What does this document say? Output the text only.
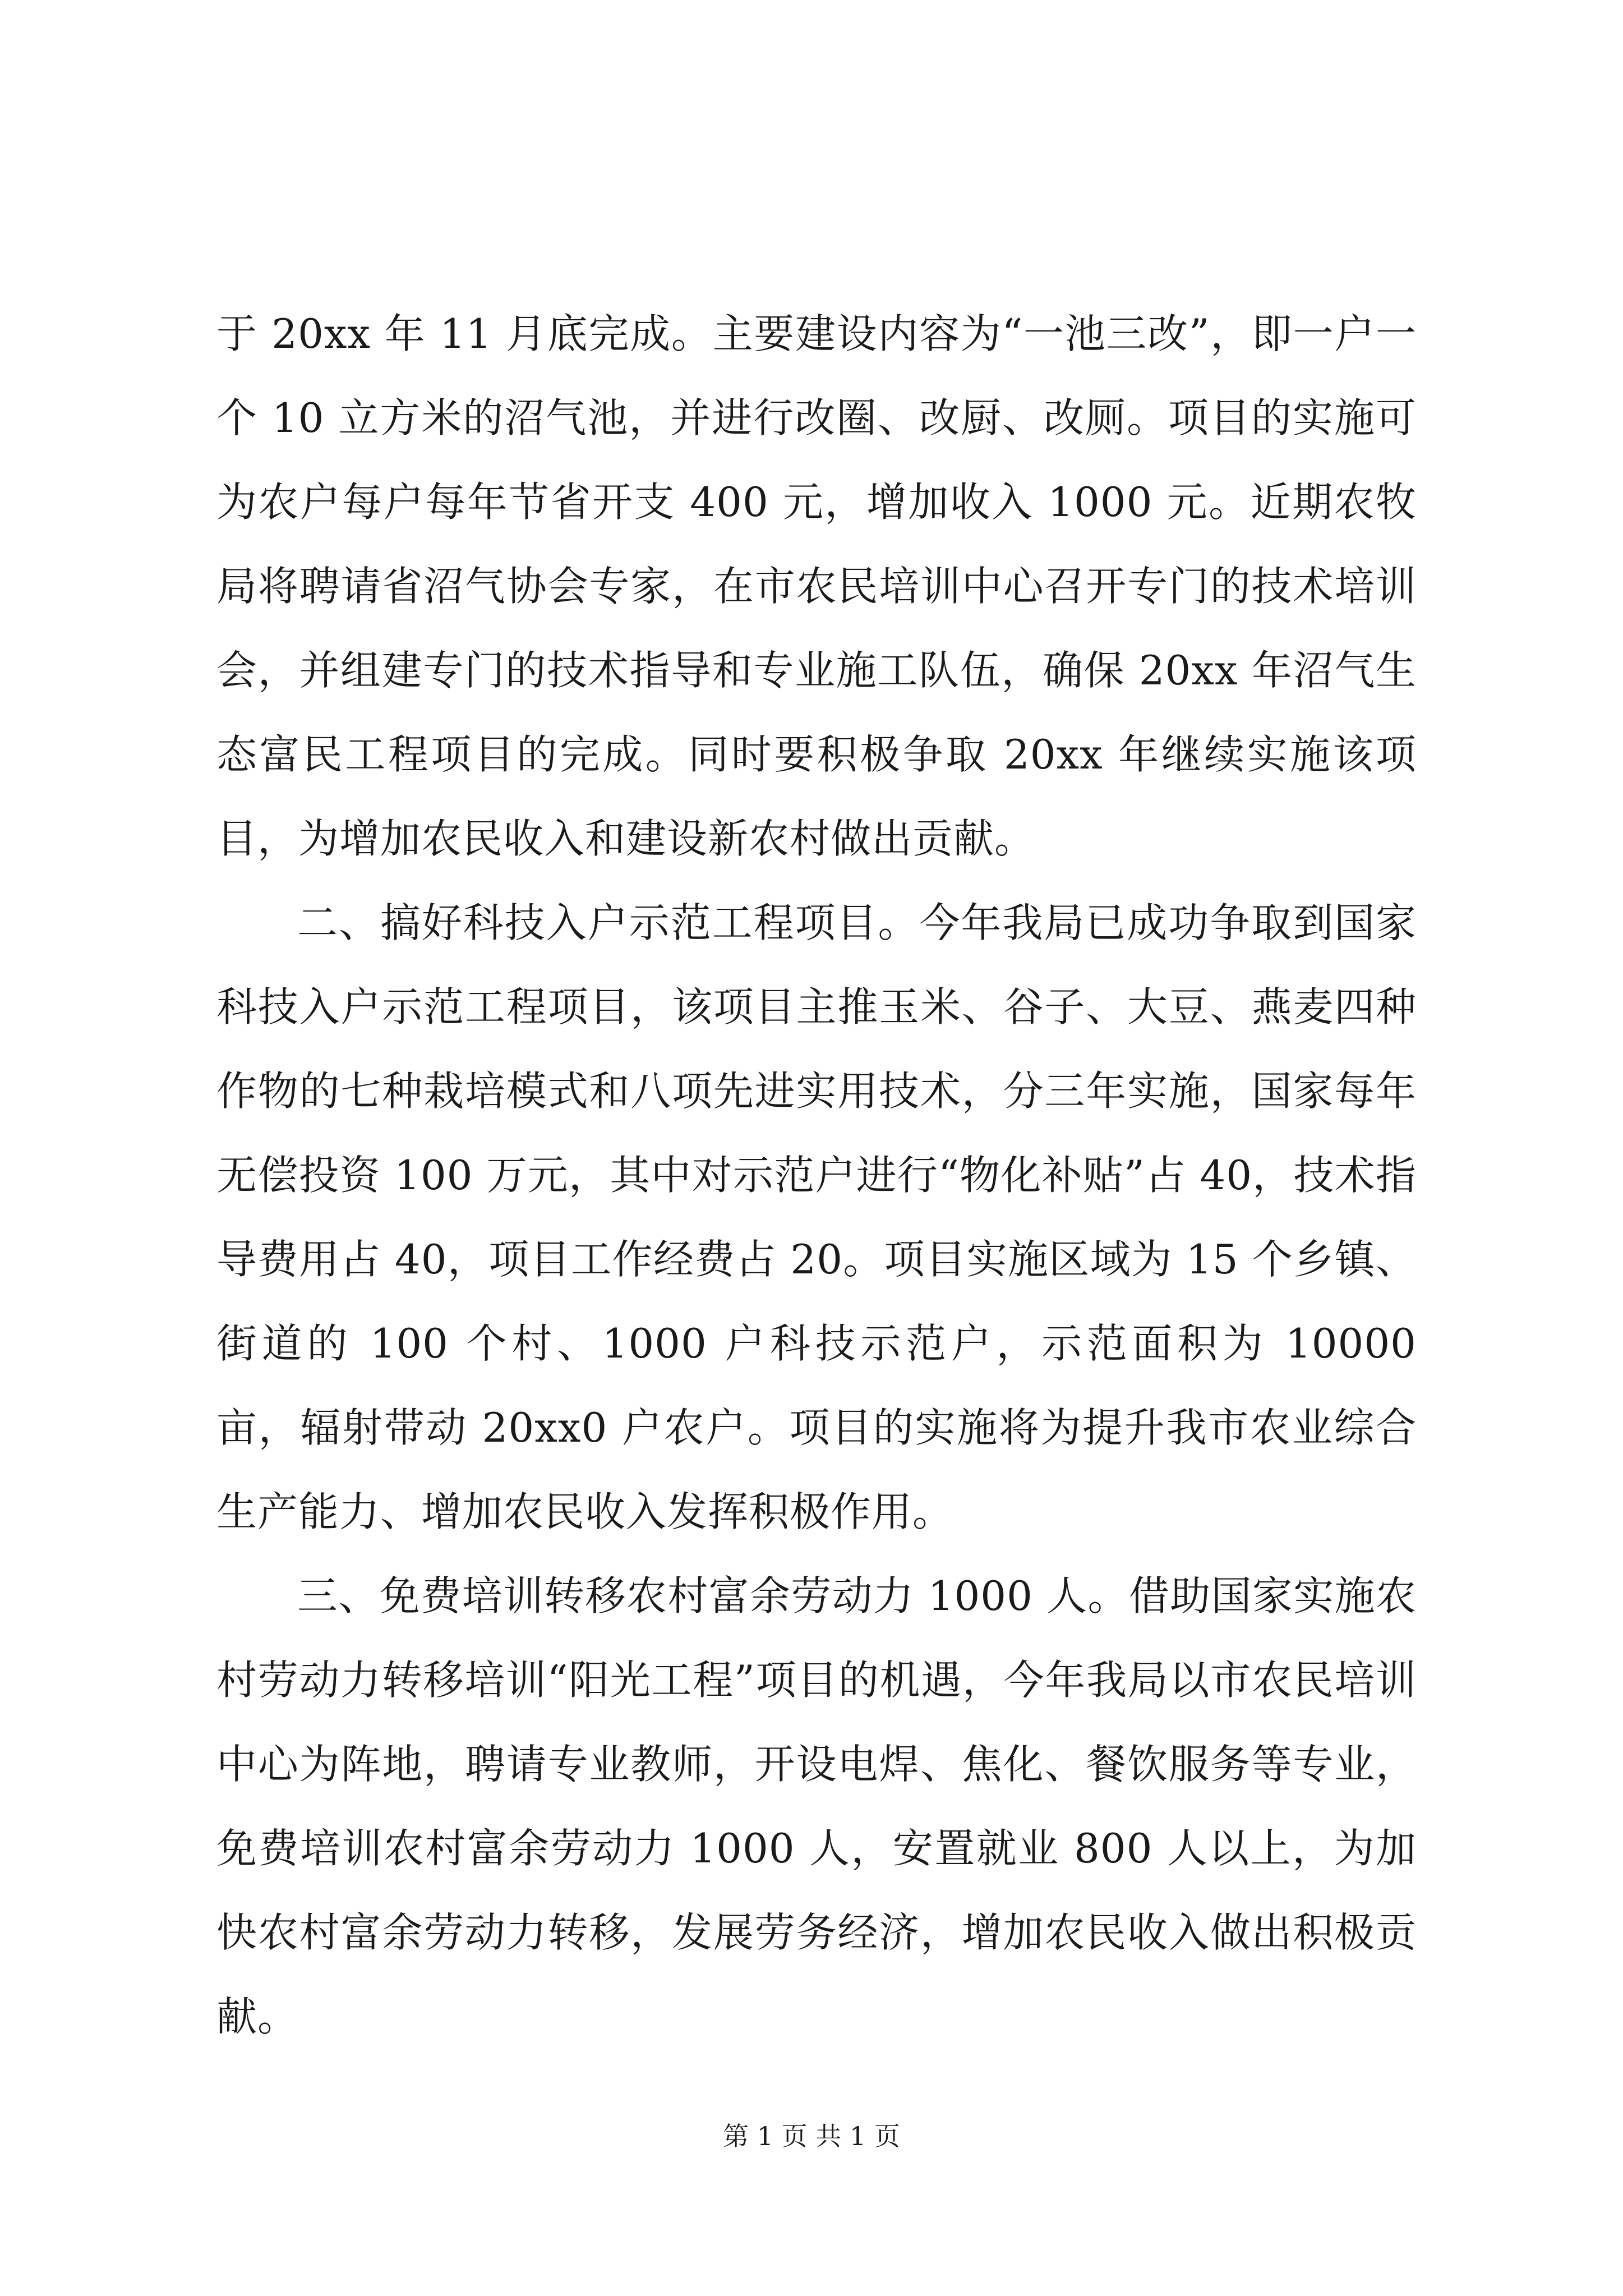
于 20xx 年 11 月底完成。主要建设内容为“一池三改”，即一户一个 10 立方米的沼气池，并进行改圈、改厨、改厕。项目的实施可为农户每户每年节省开支 400 元，增加收入 1000 元。近期农牧局将聘请省沼气协会专家，在市农民培训中心召开专门的技术培训会，并组建专门的技术指导和专业施工队伍，确保 20xx 年沼气生态富民工程项目的完成。同时要积极争取 20xx 年继续实施该项目，为增加农民收入和建设新农村做出贡献。

二、搞好科技入户示范工程项目。今年我局已成功争取到国家科技入户示范工程项目，该项目主推玉米、谷子、大豆、燕麦四种作物的七种栽培模式和八项先进实用技术，分三年实施，国家每年无偿投资 100 万元，其中对示范户进行“物化补贴”占 40，技术指导费用占 40，项目工作经费占 20。项目实施区域为 15 个乡镇、街道的 100 个村、1000 户科技示范户，示范面积为 10000 亩，辐射带动 20xx0 户农户。项目的实施将为提升我市农业综合生产能力、增加农民收入发挥积极作用。

三、免费培训转移农村富余劳动力 1000 人。借助国家实施农村劳动力转移培训“阳光工程”项目的机遇，今年我局以市农民培训中心为阵地，聘请专业教师，开设电焊、焦化、餐饮服务等专业，免费培训农村富余劳动力 1000 人，安置就业 800 人以上，为加快农村富余劳动力转移，发展劳务经济，增加农民收入做出积极贡献。

第 1 页 共 1 页
